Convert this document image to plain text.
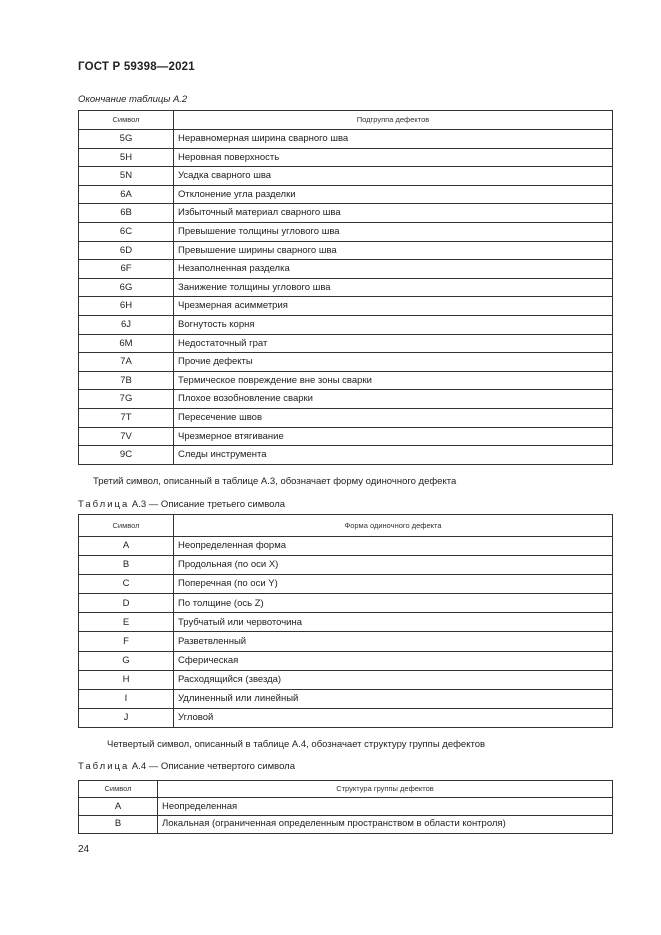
ГОСТ Р 59398—2021
Окончание таблицы А.2
Символ	Подгруппа дефектов
5G	Неравномерная ширина сварного шва
5H	Неровная поверхность
5N	Усадка сварного шва
6A	Отклонение угла разделки
6B	Избыточный материал сварного шва
6C	Превышение толщины углового шва
6D	Превышение ширины сварного шва
6F	Незаполненная разделка
6G	Занижение толщины углового шва
6H	Чрезмерная асимметрия
6J	Вогнутость корня
6M	Недостаточный грат
7A	Прочие дефекты
7B	Термическое повреждение вне зоны сварки
7G	Плохое возобновление сварки
7T	Пересечение швов
7V	Чрезмерное втягивание
9C	Следы инструмента
Третий символ, описанный в таблице А.3, обозначает форму одиночного дефекта
Таблица А.3 — Описание третьего символа
Символ	Форма одиночного дефекта
A	Неопределенная форма
B	Продольная (по оси X)
C	Поперечная (по оси Y)
D	По толщине (ось Z)
E	Трубчатый или червоточина
F	Разветвленный
G	Сферическая
H	Расходящийся (звезда)
I	Удлиненный или линейный
J	Угловой
Четвертый символ, описанный в таблице А.4, обозначает структуру группы дефектов
Таблица А.4 — Описание четвертого символа
Символ	Структура группы дефектов
A	Неопределенная
B	Локальная (ограниченная определенным пространством в области контроля)
24
